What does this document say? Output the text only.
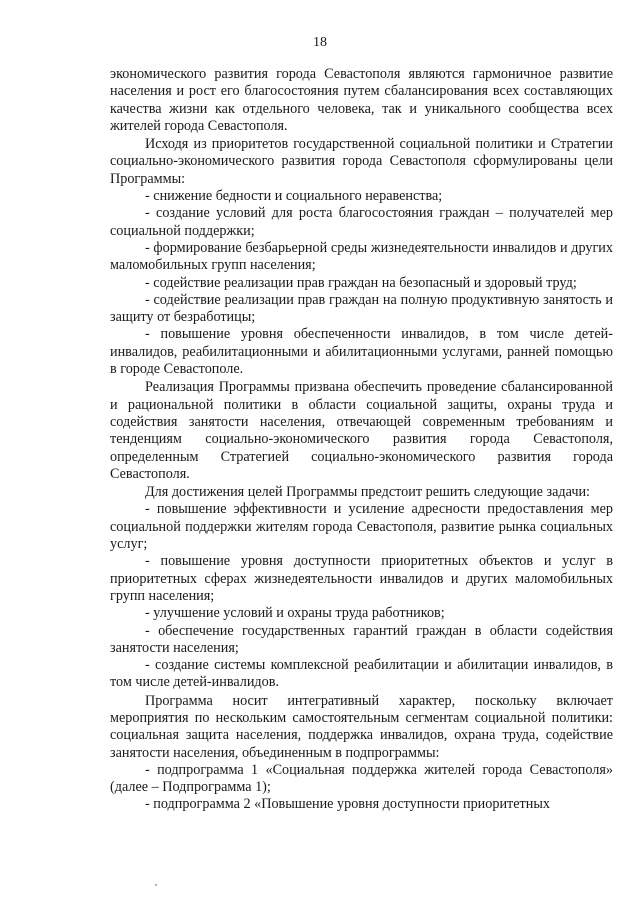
18

экономического развития города Севастополя являются гармоничное развитие населения и рост его благосостояния путем сбалансирования всех составляющих качества жизни как отдельного человека, так и уникального сообщества всех жителей города Севастополя.

Исходя из приоритетов государственной социальной политики и Стратегии социально-экономического развития города Севастополя сформулированы цели Программы:

- снижение бедности и социального неравенства;

- создание условий для роста благосостояния граждан – получателей мер социальной поддержки;

- формирование безбарьерной среды жизнедеятельности инвалидов и других маломобильных групп населения;

- содействие реализации прав граждан на безопасный и здоровый труд;

- содействие реализации прав граждан на полную продуктивную занятость и защиту от безработицы;

- повышение уровня обеспеченности инвалидов, в том числе детей-инвалидов, реабилитационными и абилитационными услугами, ранней помощью в городе Севастополе.

Реализация Программы призвана обеспечить проведение сбалансированной и рациональной политики в области социальной защиты, охраны труда и содействия занятости населения, отвечающей современным требованиям и тенденциям социально-экономического развития города Севастополя, определенным Стратегией социально-экономического развития города Севастополя.

Для достижения целей Программы предстоит решить следующие задачи:

- повышение эффективности и усиление адресности предоставления мер социальной поддержки жителям города Севастополя, развитие рынка социальных услуг;

- повышение уровня доступности приоритетных объектов и услуг в приоритетных сферах жизнедеятельности инвалидов и других маломобильных групп населения;

- улучшение условий и охраны труда работников;

- обеспечение государственных гарантий граждан в области содействия занятости населения;

- создание системы комплексной реабилитации и абилитации инвалидов, в том числе детей-инвалидов.

Программа носит интегративный характер, поскольку включает мероприятия по нескольким самостоятельным сегментам социальной политики: социальная защита населения, поддержка инвалидов, охрана труда, содействие занятости населения, объединенным в подпрограммы:

- подпрограмма 1 «Социальная поддержка жителей города Севастополя» (далее – Подпрограмма 1);

- подпрограмма 2 «Повышение уровня доступности приоритетных
